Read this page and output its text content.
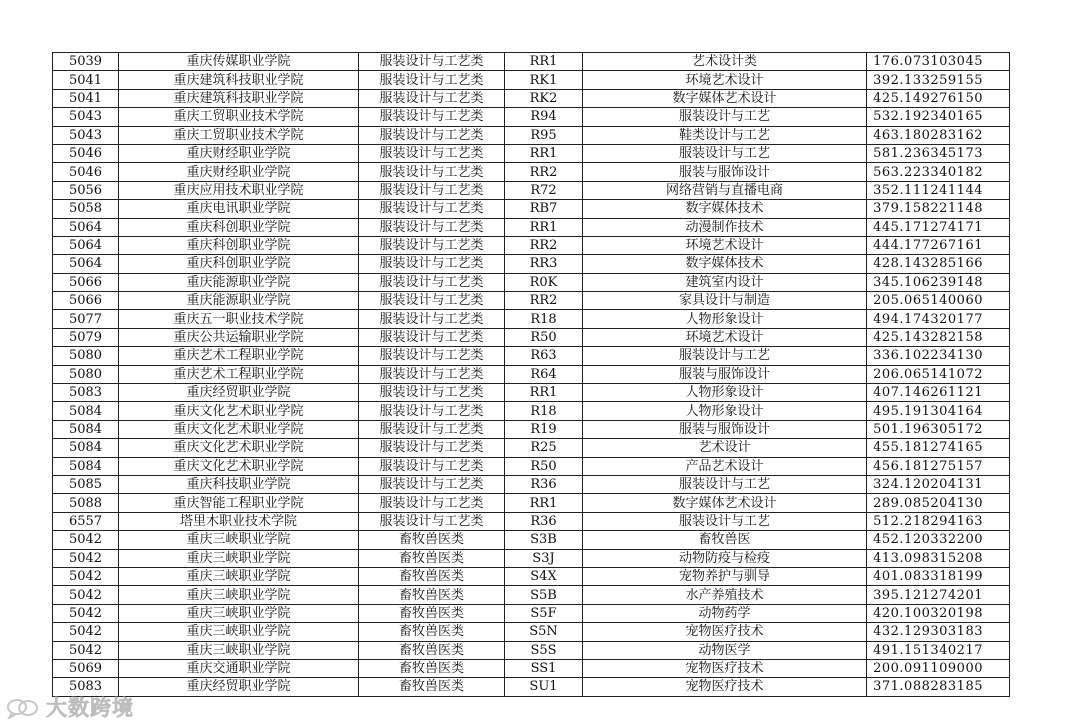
5039	重庆传媒职业学院	服装设计与工艺类	RR1	艺术设计类	176.073103045
5041	重庆建筑科技职业学院	服装设计与工艺类	RK1	环境艺术设计	392.133259155
5041	重庆建筑科技职业学院	服装设计与工艺类	RK2	数字媒体艺术设计	425.149276150
5043	重庆工贸职业技术学院	服装设计与工艺类	R94	服装设计与工艺	532.192340165
5043	重庆工贸职业技术学院	服装设计与工艺类	R95	鞋类设计与工艺	463.180283162
5046	重庆财经职业学院	服装设计与工艺类	RR1	服装设计与工艺	581.236345173
5046	重庆财经职业学院	服装设计与工艺类	RR2	服装与服饰设计	563.223340182
5056	重庆应用技术职业学院	服装设计与工艺类	R72	网络营销与直播电商	352.111241144
5058	重庆电讯职业学院	服装设计与工艺类	RB7	数字媒体技术	379.158221148
5064	重庆科创职业学院	服装设计与工艺类	RR1	动漫制作技术	445.171274171
5064	重庆科创职业学院	服装设计与工艺类	RR2	环境艺术设计	444.177267161
5064	重庆科创职业学院	服装设计与工艺类	RR3	数字媒体技术	428.143285166
5066	重庆能源职业学院	服装设计与工艺类	R0K	建筑室内设计	345.106239148
5066	重庆能源职业学院	服装设计与工艺类	RR2	家具设计与制造	205.065140060
5077	重庆五一职业技术学院	服装设计与工艺类	R18	人物形象设计	494.174320177
5079	重庆公共运输职业学院	服装设计与工艺类	R50	环境艺术设计	425.143282158
5080	重庆艺术工程职业学院	服装设计与工艺类	R63	服装设计与工艺	336.102234130
5080	重庆艺术工程职业学院	服装设计与工艺类	R64	服装与服饰设计	206.065141072
5083	重庆经贸职业学院	服装设计与工艺类	RR1	人物形象设计	407.146261121
5084	重庆文化艺术职业学院	服装设计与工艺类	R18	人物形象设计	495.191304164
5084	重庆文化艺术职业学院	服装设计与工艺类	R19	服装与服饰设计	501.196305172
5084	重庆文化艺术职业学院	服装设计与工艺类	R25	艺术设计	455.181274165
5084	重庆文化艺术职业学院	服装设计与工艺类	R50	产品艺术设计	456.181275157
5085	重庆科技职业学院	服装设计与工艺类	R36	服装设计与工艺	324.120204131
5088	重庆智能工程职业学院	服装设计与工艺类	RR1	数字媒体艺术设计	289.085204130
6557	塔里木职业技术学院	服装设计与工艺类	R36	服装设计与工艺	512.218294163
5042	重庆三峡职业学院	畜牧兽医类	S3B	畜牧兽医	452.120332200
5042	重庆三峡职业学院	畜牧兽医类	S3J	动物防疫与检疫	413.098315208
5042	重庆三峡职业学院	畜牧兽医类	S4X	宠物养护与驯导	401.083318199
5042	重庆三峡职业学院	畜牧兽医类	S5B	水产养殖技术	395.121274201
5042	重庆三峡职业学院	畜牧兽医类	S5F	动物药学	420.100320198
5042	重庆三峡职业学院	畜牧兽医类	S5N	宠物医疗技术	432.129303183
5042	重庆三峡职业学院	畜牧兽医类	S5S	动物医学	491.151340217
5069	重庆交通职业学院	畜牧兽医类	SS1	宠物医疗技术	200.091109000
5083	重庆经贸职业学院	畜牧兽医类	SU1	宠物医疗技术	371.088283185
大数跨境
